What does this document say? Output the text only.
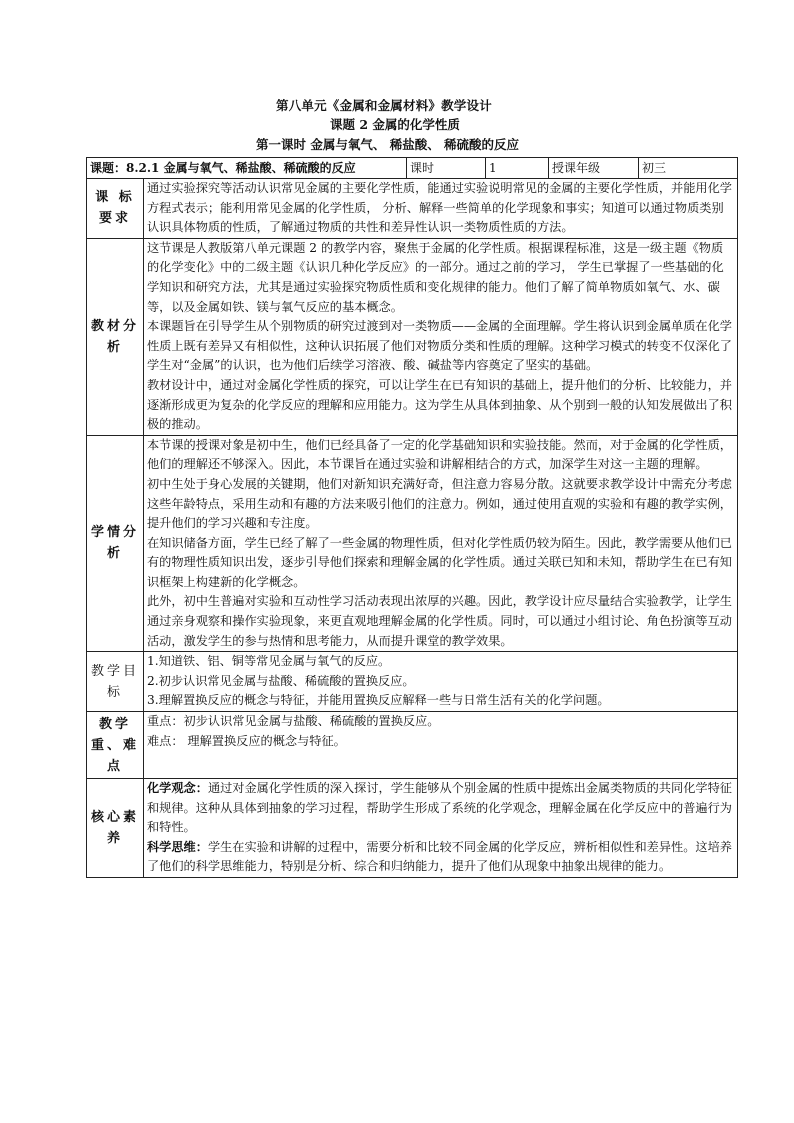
第八单元《金属和金属材料》教学设计
课题 2 金属的化学性质
第一课时 金属与氧气、 稀盐酸、 稀硫酸的反应
课题：8.2.1 金属与氧气、稀盐酸、稀硫酸的反应		课时	1	授课年级	初三
课 标要求	通过实验探究等活动认识常见金属的主要化学性质，能通过实验说明常见的金属的主要化学性质，并能用化学方程式表示；能利用常见金属的化学性质， 分析、解释一些简单的化学现象和事实；知道可以通过物质类别认识具体物质的性质，了解通过物质的共性和差异性认识一类物质性质的方法。				

教材分析	这节课是人教版第八单元课题 2 的教学内容，聚焦于金属的化学性质。根据课程标准，这是一级主题《物质的化学变化》中的二级主题《认识几种化学反应》的一部分。通过之前的学习， 学生已掌握了一些基础的化学知识和研究方法，尤其是通过实验探究物质性质和变化规律的能力。他们了解了简单物质如氧气、水、碳等，以及金属如铁、镁与氧气反应的基本概念。

本课题旨在引导学生从个别物质的研究过渡到对一类物质——金属的全面理解。学生将认识到金属单质在化学性质上既有差异又有相似性，这种认识拓展了他们对物质分类和性质的理解。这种学习模式的转变不仅深化了学生对“金属”的认识，也为他们后续学习溶液、酸、碱盐等内容奠定了坚实的基础。

教材设计中，通过对金属化学性质的探究，可以让学生在已有知识的基础上，提升他们的分析、比较能力，并逐渐形成更为复杂的化学反应的理解和应用能力。这为学生从具体到抽象、从个别到一般的认知发展做出了积极的推动。				

学情分析	本节课的授课对象是初中生，他们已经具备了一定的化学基础知识和实验技能。然而，对于金属的化学性质，他们的理解还不够深入。因此，本节课旨在通过实验和讲解相结合的方式，加深学生对这一主题的理解。

初中生处于身心发展的关键期，他们对新知识充满好奇，但注意力容易分散。这就要求教学设计中需充分考虑这些年龄特点，采用生动和有趣的方法来吸引他们的注意力。例如，通过使用直观的实验和有趣的教学实例，提升他们的学习兴趣和专注度。

在知识储备方面，学生已经了解了一些金属的物理性质，但对化学性质仍较为陌生。因此，教学需要从他们已有的物理性质知识出发，逐步引导他们探索和理解金属的化学性质。通过关联已知和未知，帮助学生在已有知识框架上构建新的化学概念。

此外，初中生普遍对实验和互动性学习活动表现出浓厚的兴趣。因此，教学设计应尽量结合实验教学，让学生通过亲身观察和操作实验现象，来更直观地理解金属的化学性质。同时，可以通过小组讨论、角色扮演等互动活动，激发学生的参与热情和思考能力，从而提升课堂的教学效果。				

教学目标	1.知道铁、铝、铜等常见金属与氧气的反应。

2.初步认识常见金属与盐酸、稀硫酸的置换反应。

3.理解置换反应的概念与特征，并能用置换反应解释一些与日常生活有关的化学问题。				

教学重、难点	重点：初步认识常见金属与盐酸、稀硫酸的置换反应。

难点： 理解置换反应的概念与特征。				

核心素养	化学观念：通过对金属化学性质的深入探讨，学生能够从个别金属的性质中提炼出金属类物质的共同化学特征和规律。这种从具体到抽象的学习过程，帮助学生形成了系统的化学观念，理解金属在化学反应中的普遍行为和特性。

科学思维：学生在实验和讲解的过程中，需要分析和比较不同金属的化学反应，辨析相似性和差异性。这培养了他们的科学思维能力，特别是分析、综合和归纳能力，提升了他们从现象中抽象出规律的能力。				
